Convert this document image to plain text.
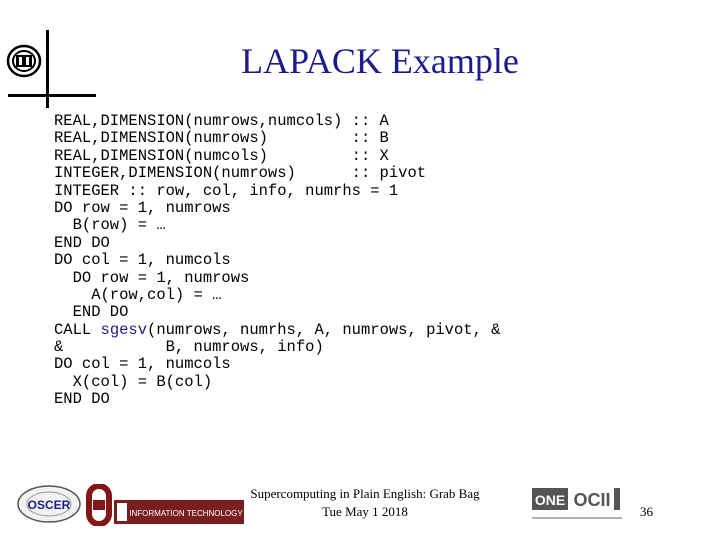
LAPACK Example
REAL,DIMENSION(numrows,numcols) :: A
REAL,DIMENSION(numrows)         :: B
REAL,DIMENSION(numcols)         :: X
INTEGER,DIMENSION(numrows)      :: pivot
INTEGER :: row, col, info, numrhs = 1
DO row = 1, numrows
B(row) = …
END DO
DO col = 1, numcols
DO row = 1, numrows
A(row,col) = …
END DO
CALL sgesv(numrows, numrhs, A, numrows, pivot, &
&           B, numrows, info)
DO col = 1, numcols
X(col) = B(col)
END DO
OSCER
INFORMATION TECHNOLOGY
Supercomputing in Plain English: Grab Bag
Tue May 1 2018
ONE OCII
36
